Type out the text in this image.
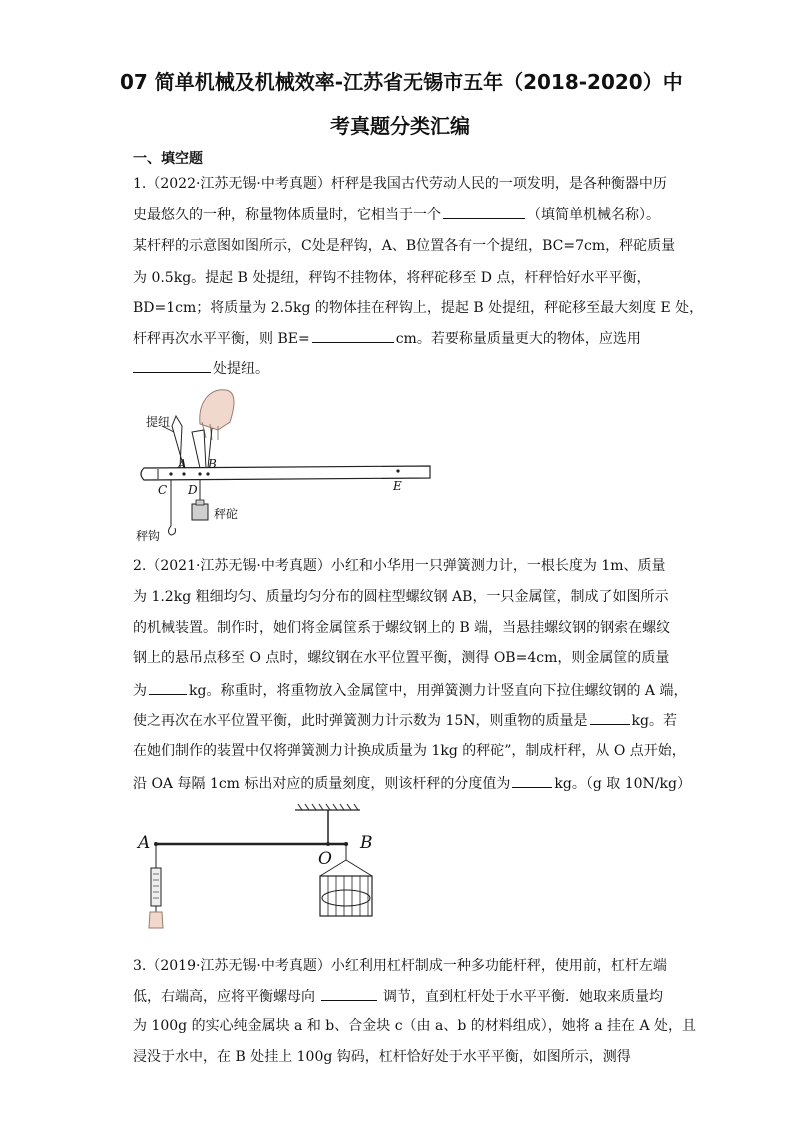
07 简单机械及机械效率-江苏省无锡市五年（2018-2020）中
考真题分类汇编
一、填空题
1.（2022·江苏无锡·中考真题）杆秤是我国古代劳动人民的一项发明，是各种衡器中历
史最悠久的一种，称量物体质量时，它相当于一个	（填简单机械名称）。
某杆秤的示意图如图所示，C处是秤钩，A、B位置各有一个提纽，BC=7cm，秤砣质量
为 0.5kg。提起 B 处提纽，秤钩不挂物体，将秤砣移至 D 点，杆秤恰好水平平衡，
BD=1cm；将质量为 2.5kg 的物体挂在秤钩上，提起 B 处提纽，秤砣移至最大刻度 E 处，
杆秤再次水平平衡，则 BE=	cm。若要称量质量更大的物体，应选用
处提纽。
提纽
A B
C D	E
秤砣
秤钩
2.（2021·江苏无锡·中考真题）小红和小华用一只弹簧测力计，一根长度为 1m、质量
为 1.2kg 粗细均匀、质量均匀分布的圆柱型螺纹钢 AB，一只金属筐，制成了如图所示
的机械装置。制作时，她们将金属筐系于螺纹钢上的 B 端，当悬挂螺纹钢的钢索在螺纹
钢上的悬吊点移至 O 点时，螺纹钢在水平位置平衡，测得 OB=4cm，则金属筐的质量
为	kg。称重时，将重物放入金属筐中，用弹簧测力计竖直向下拉住螺纹钢的 A 端，
使之再次在水平位置平衡，此时弹簧测力计示数为 15N，则重物的质量是	kg。若
在她们制作的装置中仅将弹簧测力计换成质量为 1kg 的秤砣”，制成杆秤，从 O 点开始，
沿 OA 每隔 1cm 标出对应的质量刻度，则该杆秤的分度值为	kg。（g 取 10N/kg）
A
O
B
3.（2019·江苏无锡·中考真题）小红利用杠杆制成一种多功能杆秤，使用前，杠杆左端
低，右端高，应将平衡螺母向	调节，直到杠杆处于水平平衡．她取来质量均
为 100g 的实心纯金属块 a 和 b、合金块 c（由 a、b 的材料组成），她将 a 挂在 A 处，且
浸没于水中，在 B 处挂上 100g 钩码，杠杆恰好处于水平平衡，如图所示，测得
